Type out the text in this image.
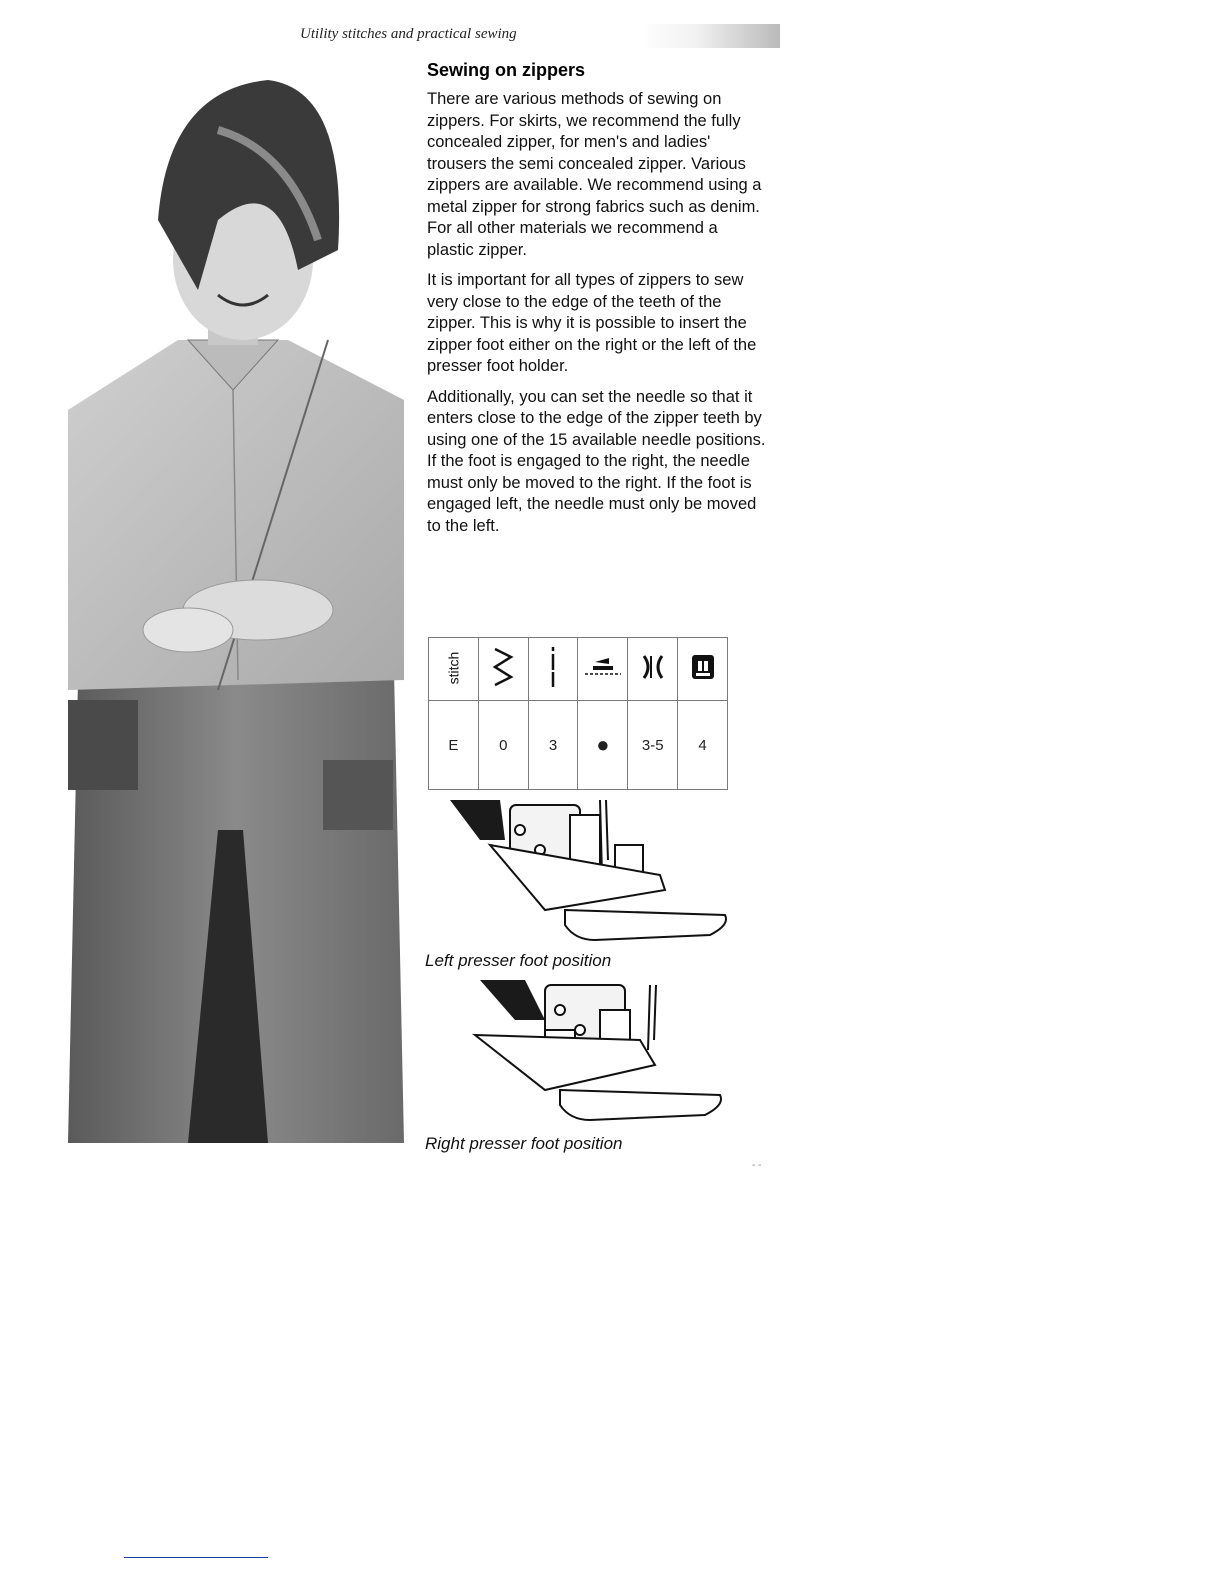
Utility stitches and practical sewing
Sewing on zippers

There are various methods of sewing on zippers. For skirts, we recommend the fully concealed zipper, for men's and ladies' trousers the semi concealed zipper. Various zippers are available. We recommend using a metal zipper for strong fabrics such as denim. For all other materials we recommend a plastic zipper.

It is important for all types of zippers to sew very close to the edge of the teeth of the zipper. This is why it is possible to insert the zipper foot either on the right or the left of the presser foot holder.

Additionally, you can set the needle so that it enters close to the edge of the zipper teeth by using one of the 15 available needle positions. If the foot is engaged to the right, the needle must only be moved to the right. If the foot is engaged left, the needle must only be moved to the left.

stitch					
E	0	3	●	3-5	4
Left presser foot position
Right presser foot position
- -
